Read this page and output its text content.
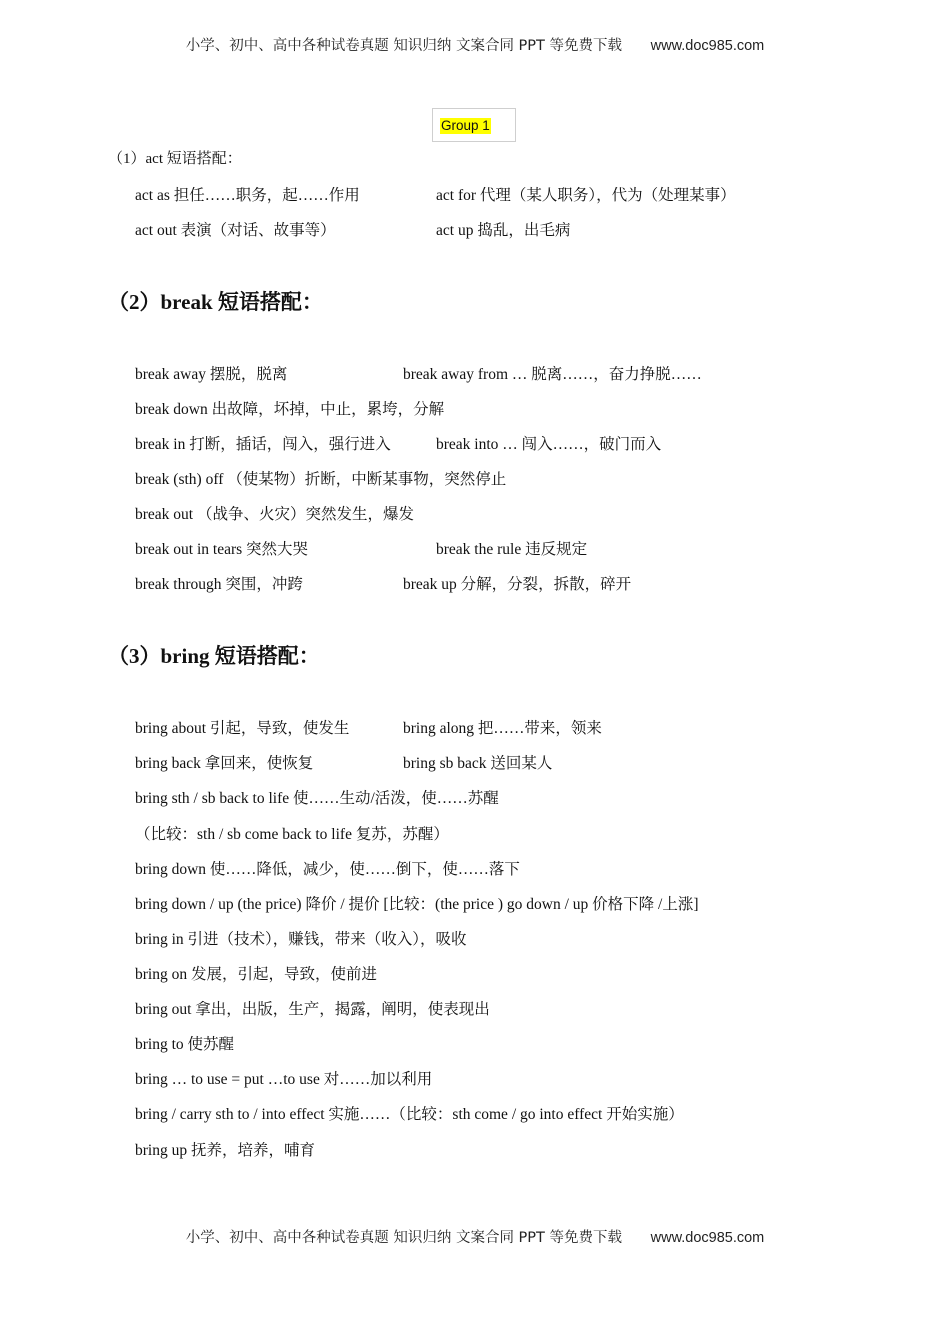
小学、初中、高中各种试卷真题 知识归纳 文案合同 PPT 等免费下载 www.doc985.com
Group 1
（1）act 短语搭配：
act as 担任……职务，起……作用	act for 代理（某人职务），代为（处理某事）
act out 表演（对话、故事等）	act up 捣乱，出毛病
（2）break 短语搭配：
break away 摆脱，脱离	break away from … 脱离……，奋力挣脱……
break down 出故障，坏掉，中止，累垮，分解
break in 打断，插话，闯入，强行进入	break into … 闯入……，破门而入
break (sth) off （使某物）折断，中断某事物，突然停止
break out （战争、火灾）突然发生，爆发
break out in tears 突然大哭	break the rule 违反规定
break through 突围，冲跨	break up 分解，分裂，拆散，碎开
（3）bring 短语搭配：
bring about 引起，导致，使发生	bring along 把……带来，领来
bring back 拿回来，使恢复	bring sb back 送回某人
bring sth / sb back to life 使……生动/活泼，使……苏醒
（比较：sth / sb come back to life 复苏，苏醒）
bring down 使……降低，减少，使……倒下，使……落下
bring down / up (the price) 降价 / 提价 [比较：(the price ) go down / up 价格下降 /上涨]
bring in 引进（技术），赚钱，带来（收入），吸收
bring on 发展，引起，导致，使前进
bring out 拿出，出版，生产，揭露，阐明，使表现出
bring to 使苏醒
bring … to use = put …to use 对……加以利用
bring / carry sth to / into effect 实施……（比较：sth come / go into effect 开始实施）
bring up 抚养，培养，哺育
小学、初中、高中各种试卷真题 知识归纳 文案合同 PPT 等免费下载 www.doc985.com
